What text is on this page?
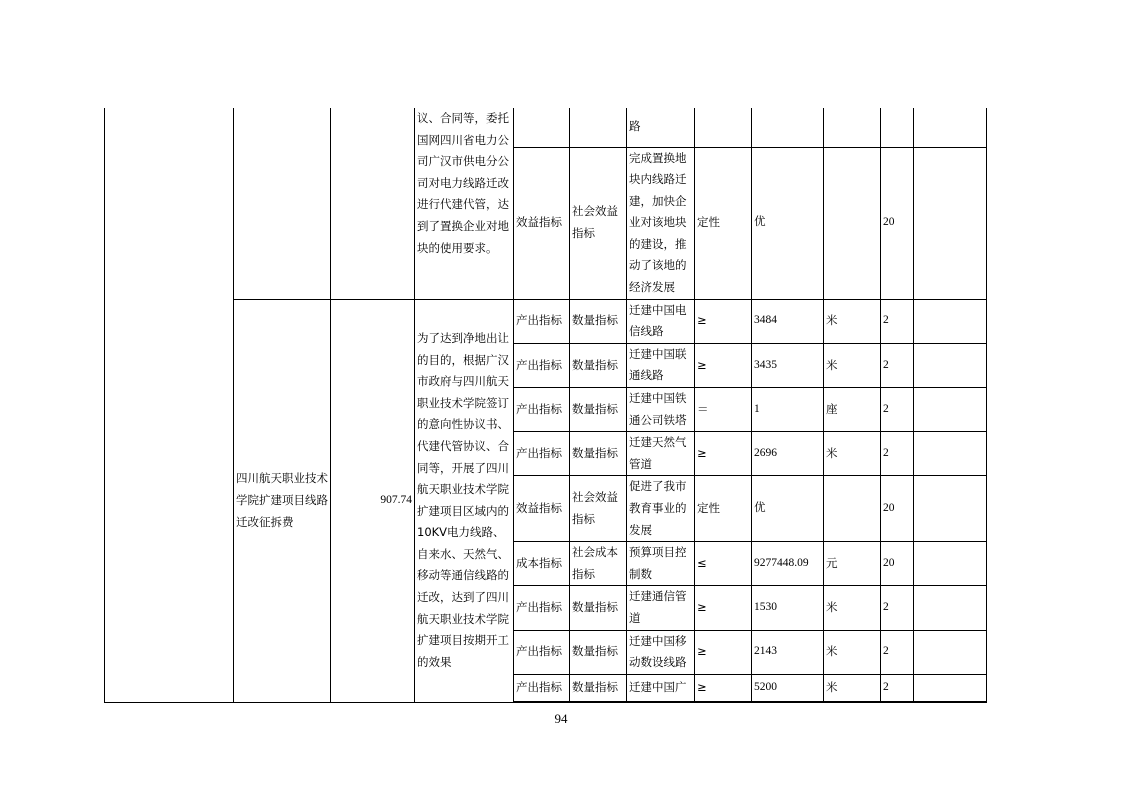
			议、合同等，委托国网四川省电力公司广汉市供电分公司对电力线路迁改进行代建代管，达到了置换企业对地块的使用要求。			路					
				效益指标	社会效益指标	完成置换地块内线路迁建，加快企业对该地块的建设，推动了该地的经济发展	定性	优		20	
	四川航天职业技术学院扩建项目线路迁改征拆费	907.74	为了达到净地出让的目的，根据广汉市政府与四川航天职业技术学院签订的意向性协议书、代建代管协议、合同等，开展了四川航天职业技术学院扩建项目区域内的10KV电力线路、自来水、天然气、移动等通信线路的迁改，达到了四川航天职业技术学院扩建项目按期开工的效果	产出指标	数量指标	迁建中国电信线路	≥	3484	米	2	
				产出指标	数量指标	迁建中国联通线路	≥	3435	米	2	
				产出指标	数量指标	迁建中国铁通公司铁塔	＝	1	座	2	
				产出指标	数量指标	迁建天然气管道	≥	2696	米	2	
				效益指标	社会效益指标	促进了我市教育事业的发展	定性	优		20	
				成本指标	社会成本指标	预算项目控制数	≤	9277448.09	元	20	
				产出指标	数量指标	迁建通信管道	≥	1530	米	2	
				产出指标	数量指标	迁建中国移动数设线路	≥	2143	米	2	
				产出指标	数量指标	迁建中国广	≥	5200	米	2	
94
